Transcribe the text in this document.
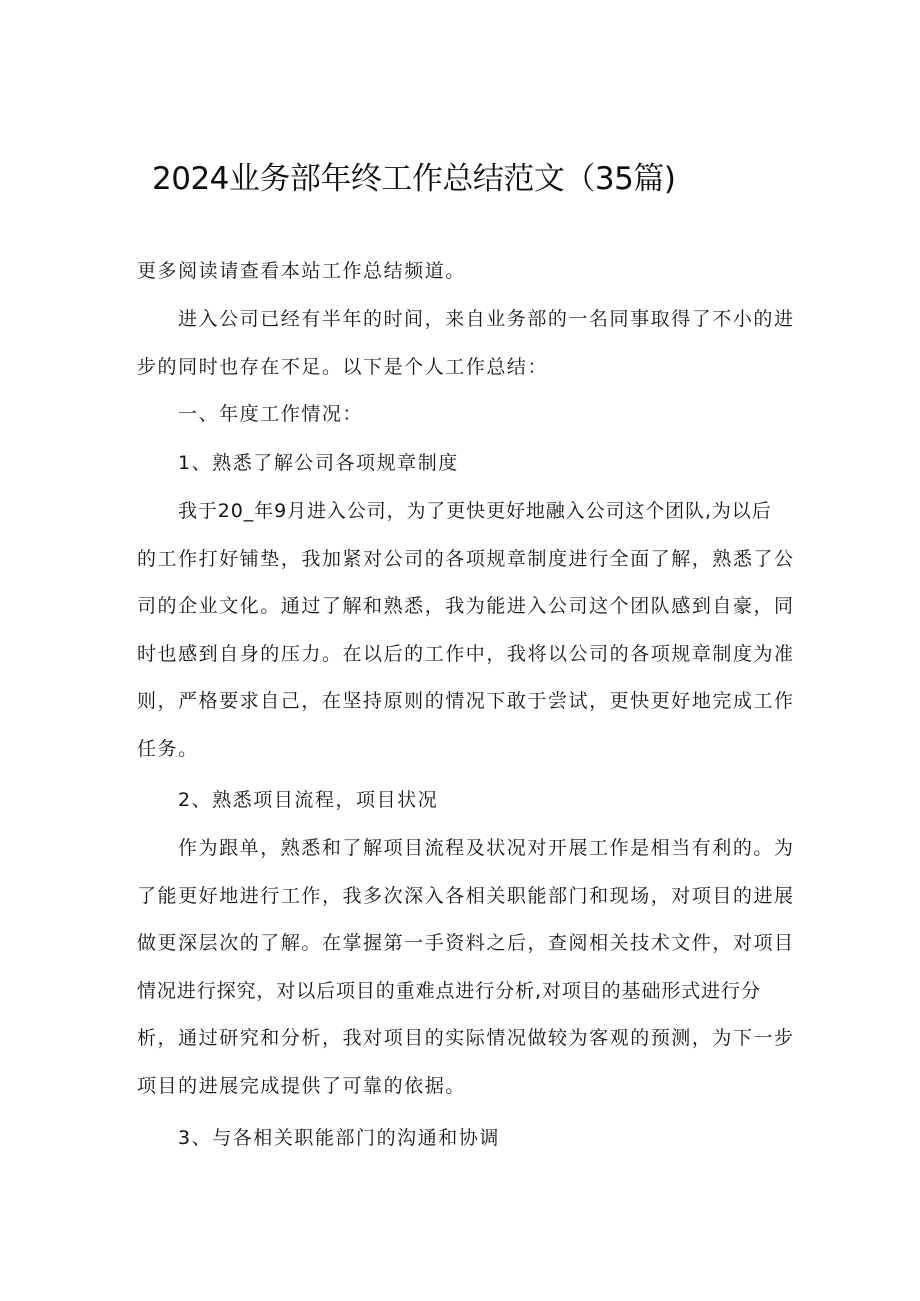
2024业务部年终工作总结范文（35篇)

更多阅读请查看本站工作总结频道。

进入公司已经有半年的时间，来自业务部的一名同事取得了不小的进
步的同时也存在不足。以下是个人工作总结：

一、年度工作情况：

1、熟悉了解公司各项规章制度

我于20_年9月进入公司，为了更快更好地融入公司这个团队,为以后
的工作打好铺垫，我加紧对公司的各项规章制度进行全面了解，熟悉了公
司的企业文化。通过了解和熟悉，我为能进入公司这个团队感到自豪，同
时也感到自身的压力。在以后的工作中，我将以公司的各项规章制度为准
则，严格要求自己，在坚持原则的情况下敢于尝试，更快更好地完成工作
任务。

2、熟悉项目流程，项目状况

作为跟单，熟悉和了解项目流程及状况对开展工作是相当有利的。为
了能更好地进行工作，我多次深入各相关职能部门和现场，对项目的进展
做更深层次的了解。在掌握第一手资料之后，查阅相关技术文件，对项目
情况进行探究，对以后项目的重难点进行分析,对项目的基础形式进行分
析，通过研究和分析，我对项目的实际情况做较为客观的预测，为下一步
项目的进展完成提供了可靠的依据。

3、与各相关职能部门的沟通和协调
